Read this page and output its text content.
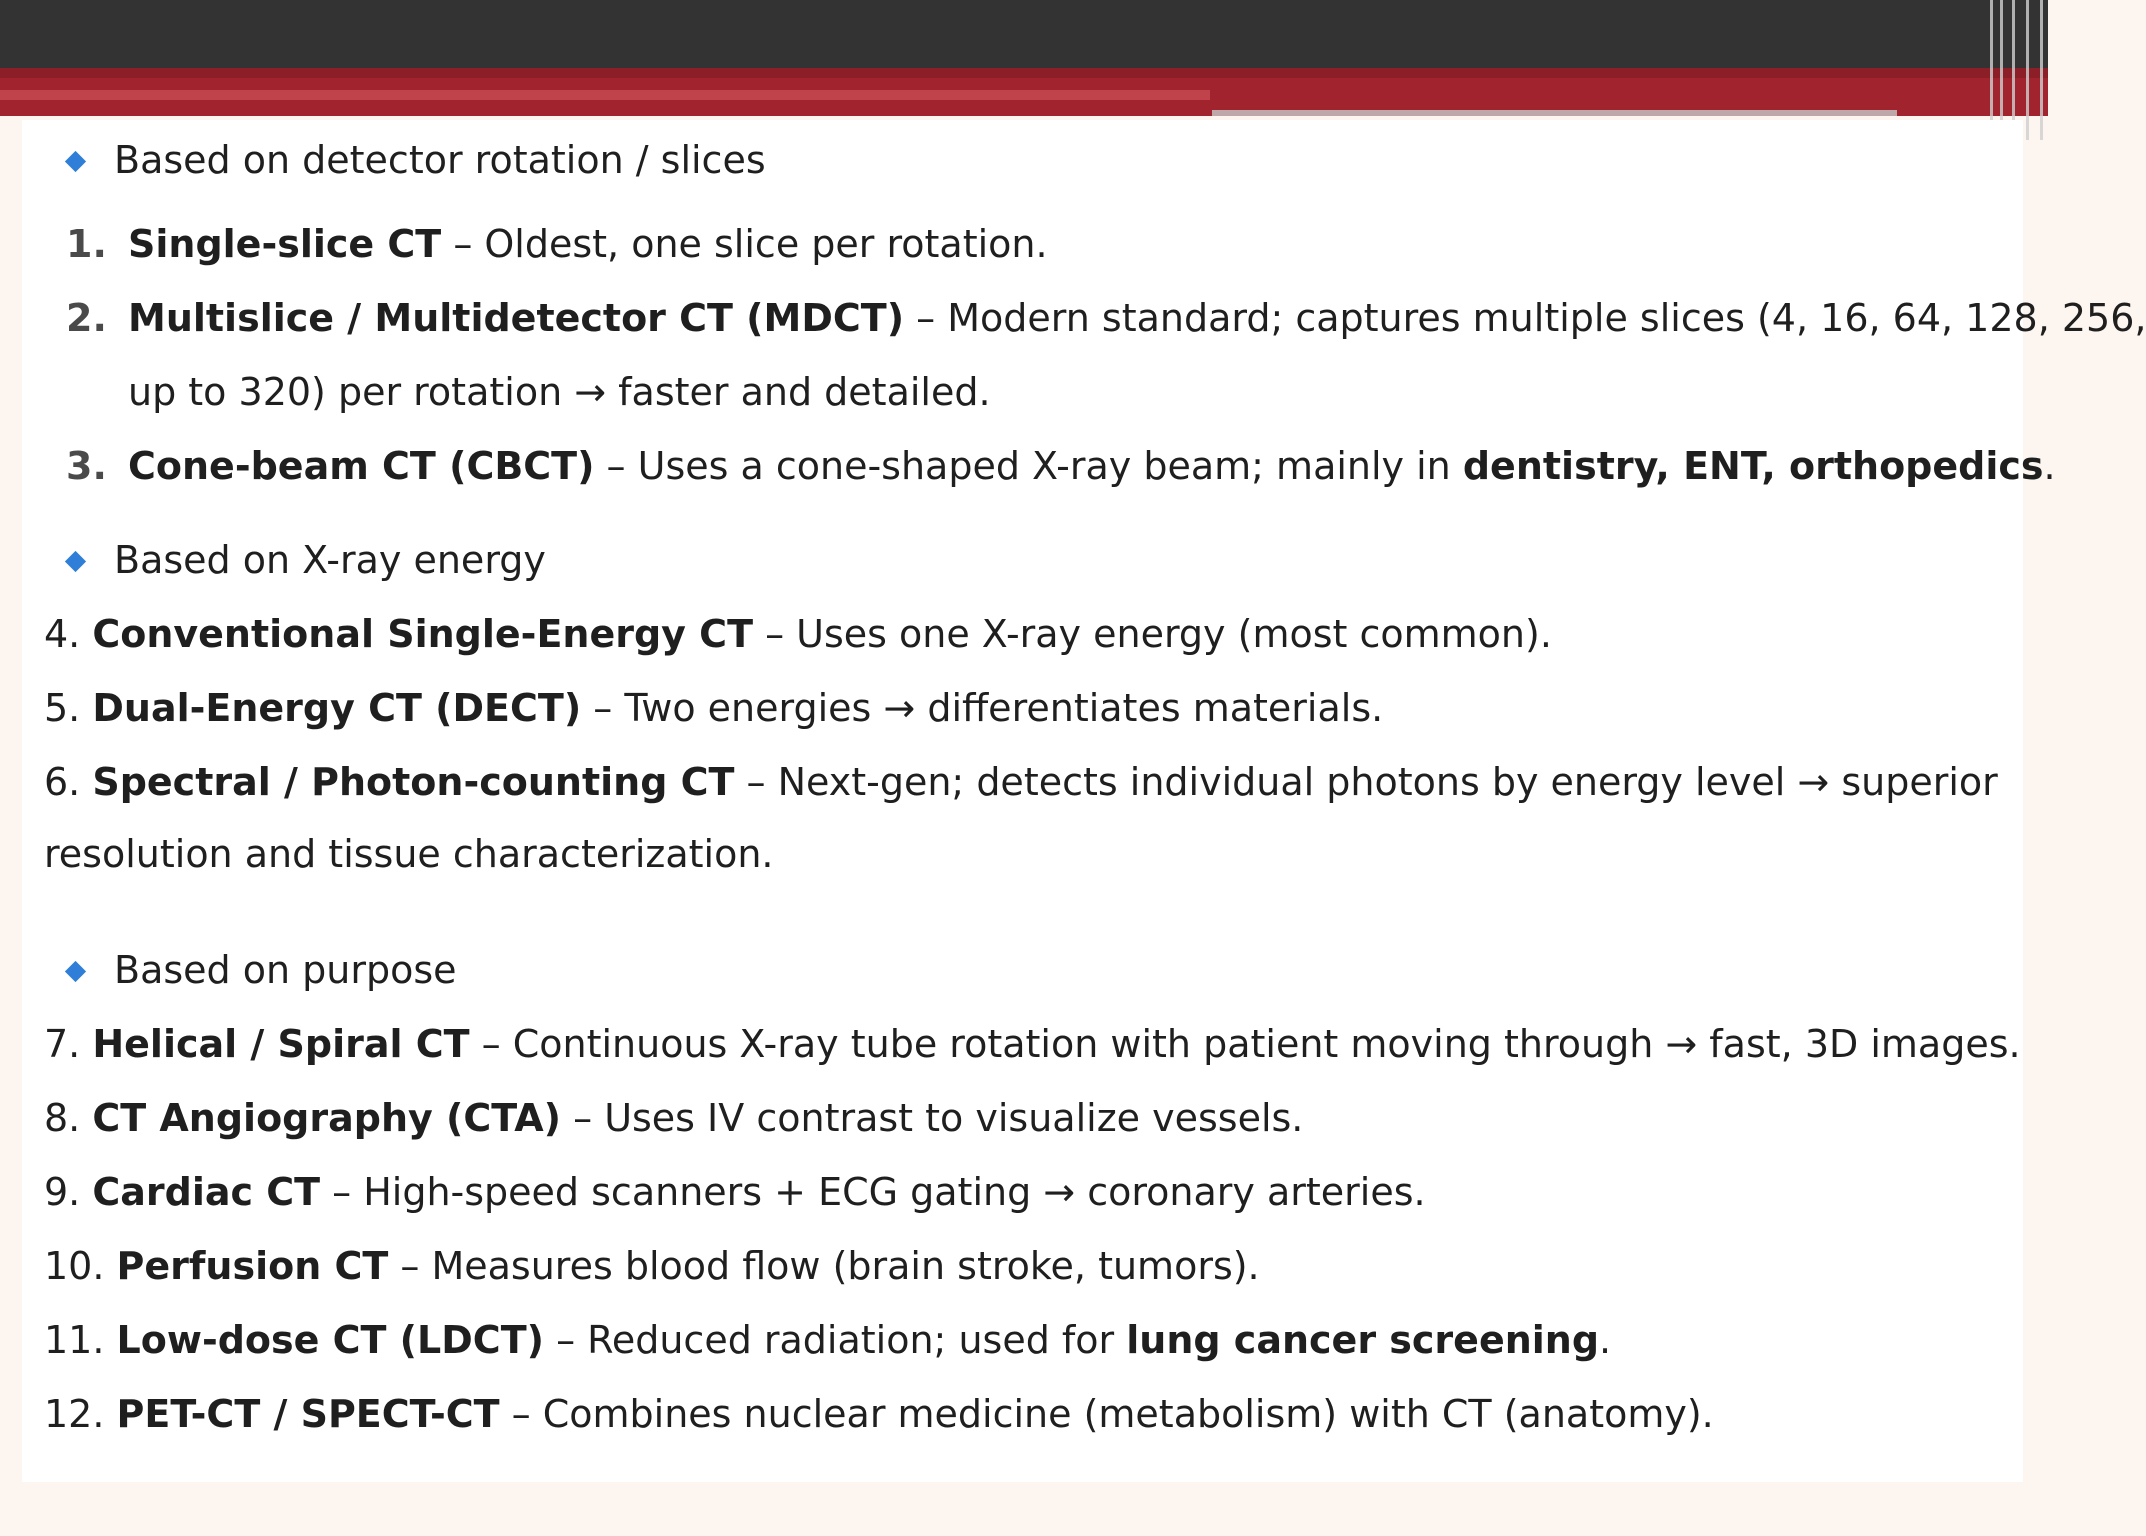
Based on detector rotation / slices
1. Single-slice CT – Oldest, one slice per rotation.
2. Multislice / Multidetector CT (MDCT) – Modern standard; captures multiple slices (4, 16, 64, 128, 256,
up to 320) per rotation → faster and detailed.
3. Cone-beam CT (CBCT) – Uses a cone-shaped X-ray beam; mainly in dentistry, ENT, orthopedics.
Based on X-ray energy
4. Conventional Single-Energy CT – Uses one X-ray energy (most common).
5. Dual-Energy CT (DECT) – Two energies → differentiates materials.
6. Spectral / Photon-counting CT – Next-gen; detects individual photons by energy level → superior
resolution and tissue characterization.
Based on purpose
7. Helical / Spiral CT – Continuous X-ray tube rotation with patient moving through → fast, 3D images.
8. CT Angiography (CTA) – Uses IV contrast to visualize vessels.
9. Cardiac CT – High-speed scanners + ECG gating → coronary arteries.
10. Perfusion CT – Measures blood flow (brain stroke, tumors).
11. Low-dose CT (LDCT) – Reduced radiation; used for lung cancer screening.
12. PET-CT / SPECT-CT – Combines nuclear medicine (metabolism) with CT (anatomy).
